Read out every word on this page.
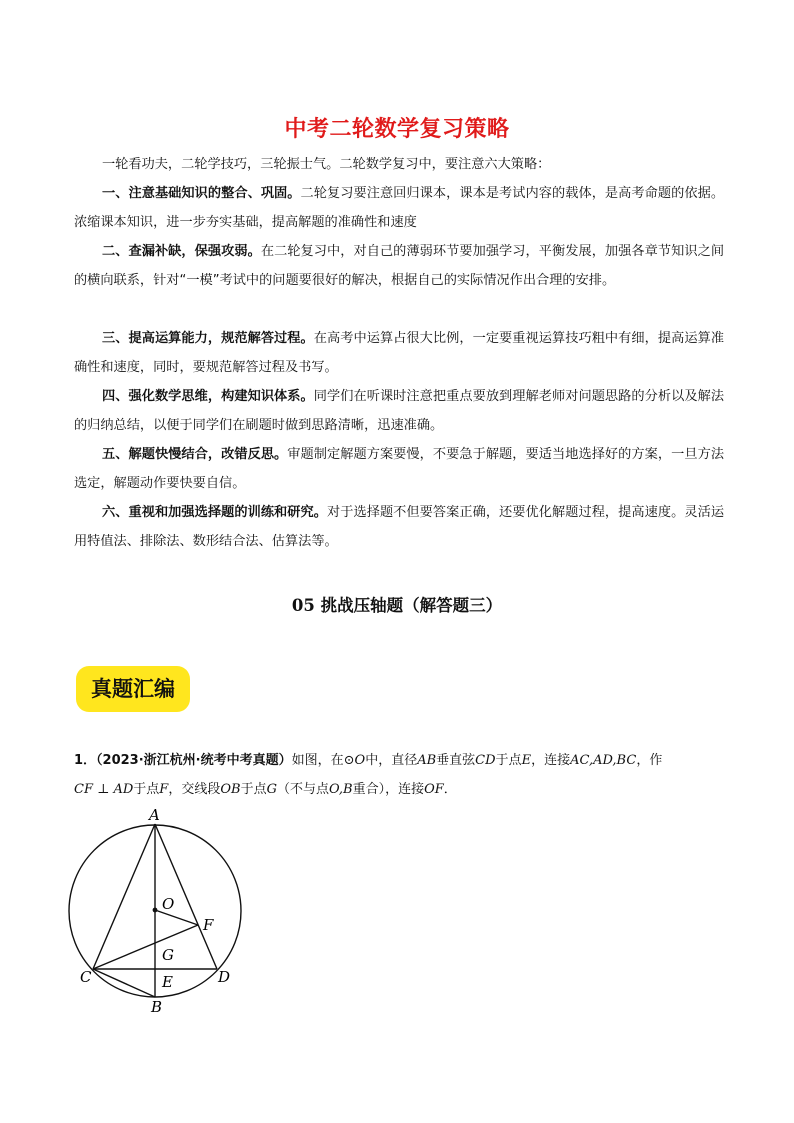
中考二轮数学复习策略
一轮看功夫，二轮学技巧，三轮振士气。二轮数学复习中，要注意六大策略：
一、注意基础知识的整合、巩固。二轮复习要注意回归课本，课本是考试内容的载体，是高考命题的依据。浓缩课本知识，进一步夯实基础，提高解题的准确性和速度
二、查漏补缺，保强攻弱。在二轮复习中，对自己的薄弱环节要加强学习，平衡发展，加强各章节知识之间的横向联系，针对“一模”考试中的问题要很好的解决，根据自己的实际情况作出合理的安排。
三、提高运算能力，规范解答过程。在高考中运算占很大比例，一定要重视运算技巧粗中有细，提高运算准确性和速度，同时，要规范解答过程及书写。
四、强化数学思维，构建知识体系。同学们在听课时注意把重点要放到理解老师对问题思路的分析以及解法的归纳总结，以便于同学们在刷题时做到思路清晰，迅速准确。
五、解题快慢结合，改错反思。审题制定解题方案要慢，不要急于解题，要适当地选择好的方案，一旦方法选定，解题动作要快要自信。
六、重视和加强选择题的训练和研究。对于选择题不但要答案正确，还要优化解题过程，提高速度。灵活运用特值法、排除法、数形结合法、估算法等。
05 挑战压轴题（解答题三）
真题汇编
1．（2023·浙江杭州·统考中考真题）如图，在⊙O中，直径AB垂直弦CD于点E，连接AC,AD,BC，作
CF ⊥ AD于点F，交线段OB于点G（不与点O,B重合），连接OF．
A
O
F
G
C	E	D
B
